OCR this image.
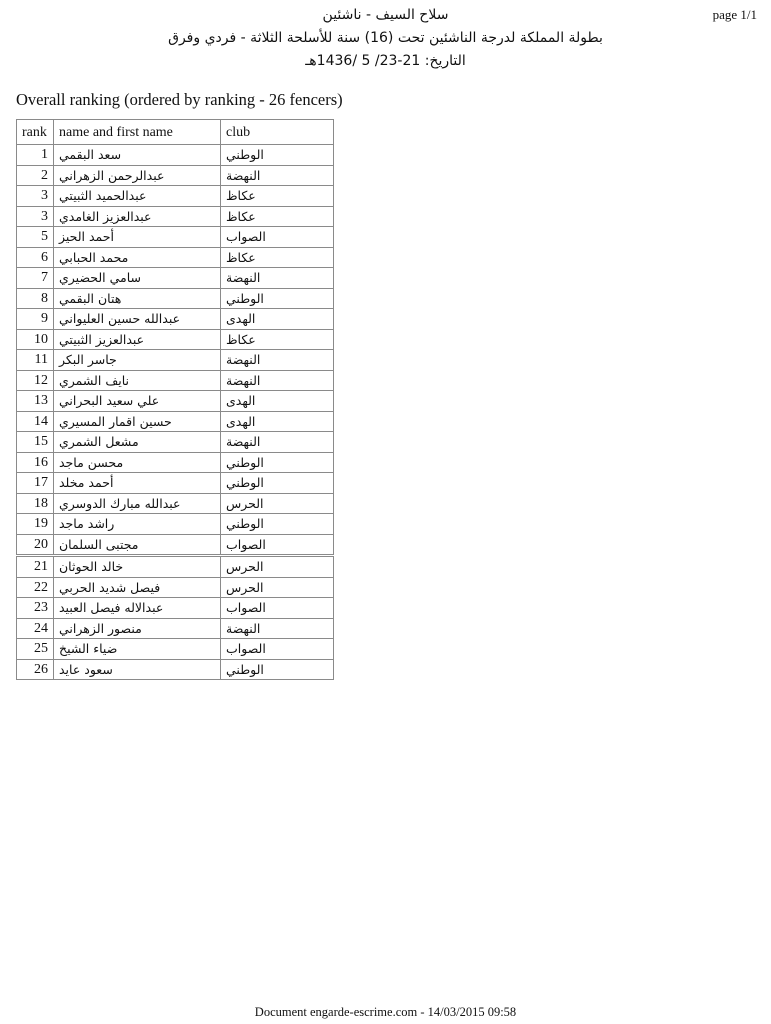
page 1/1
سلاح السيف - ناشئين
بطولة المملكة لدرجة الناشئين تحت (16) سنة للأسلحة الثلاثة - فردي وفرق
التاريخ: 21-23/ 5 /1436هـ
Overall ranking (ordered by ranking - 26 fencers)
rank	name and first name	club
1	سعد البقمي	الوطني
2	عبدالرحمن الزهراني	النهضة
3	عبدالحميد الثبيتي	عكاظ
3	عبدالعزيز الغامدي	عكاظ
5	أحمد الحيز	الصواب
6	محمد الحبابي	عكاظ
7	سامي الحضيري	النهضة
8	هتان البقمي	الوطني
9	عبدالله حسين العليواني	الهدى
10	عبدالعزيز الثبيتي	عكاظ
11	جاسر البكر	النهضة
12	نايف الشمري	النهضة
13	علي سعيد البحراني	الهدى
14	حسين اقمار المسيري	الهدى
15	مشعل الشمري	النهضة
16	محسن ماجد	الوطني
17	أحمد مخلد	الوطني
18	عبدالله مبارك الدوسري	الحرس
19	راشد ماجد	الوطني
20	مجتبى السلمان	الصواب
21	خالد الحوثان	الحرس
22	فيصل شديد الحربي	الحرس
23	عبدالاله فيصل العبيد	الصواب
24	منصور الزهراني	النهضة
25	ضياء الشيخ	الصواب
26	سعود عايد	الوطني
Document engarde-escrime.com - 14/03/2015 09:58
